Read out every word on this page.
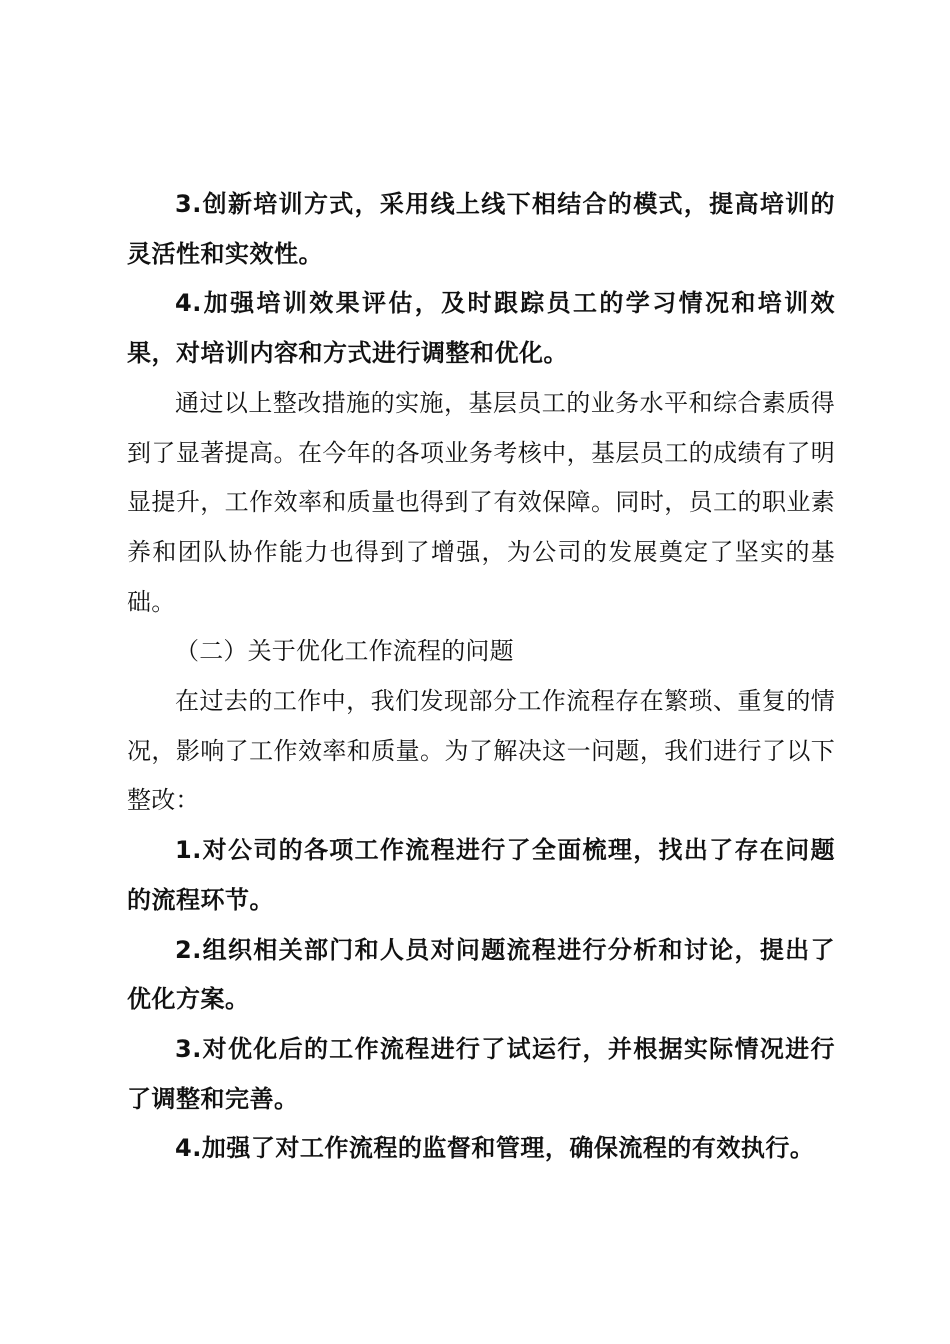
3.创新培训方式，采用线上线下相结合的模式，提高培训的灵活性和实效性。

4.加强培训效果评估，及时跟踪员工的学习情况和培训效果，对培训内容和方式进行调整和优化。

通过以上整改措施的实施，基层员工的业务水平和综合素质得到了显著提高。在今年的各项业务考核中，基层员工的成绩有了明显提升，工作效率和质量也得到了有效保障。同时，员工的职业素养和团队协作能力也得到了增强，为公司的发展奠定了坚实的基础。

（二）关于优化工作流程的问题

在过去的工作中，我们发现部分工作流程存在繁琐、重复的情况，影响了工作效率和质量。为了解决这一问题，我们进行了以下整改：

1.对公司的各项工作流程进行了全面梳理，找出了存在问题的流程环节。

2.组织相关部门和人员对问题流程进行分析和讨论，提出了优化方案。

3.对优化后的工作流程进行了试运行，并根据实际情况进行了调整和完善。

4.加强了对工作流程的监督和管理，确保流程的有效执行。
